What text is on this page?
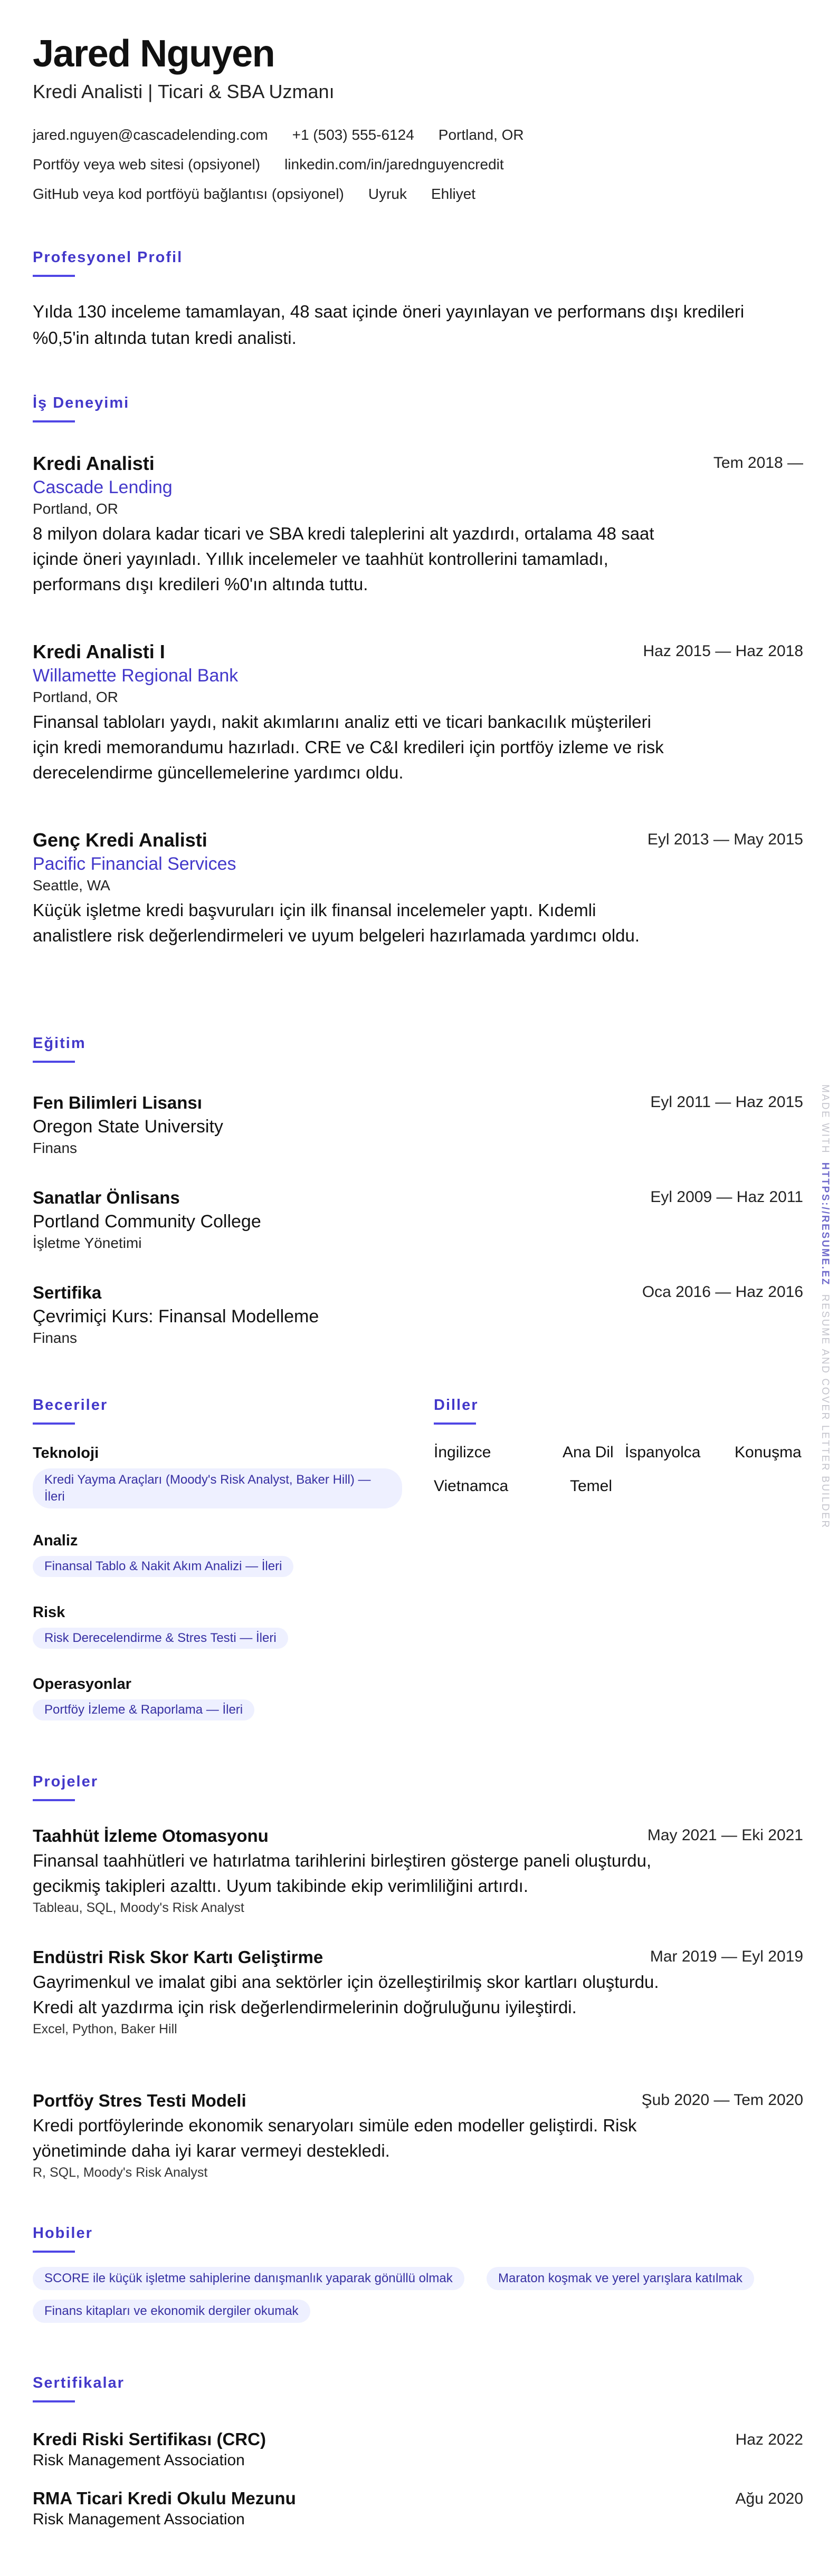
Jared Nguyen
Kredi Analisti | Ticari & SBA Uzmanı
jared.nguyen@cascadelending.com +1 (503) 555-6124 Portland, OR
Portföy veya web sitesi (opsiyonel) linkedin.com/in/jarednguyencredit
GitHub veya kod portföyü bağlantısı (opsiyonel) Uyruk Ehliyet
Profesyonel Profil
Yılda 130 inceleme tamamlayan, 48 saat içinde öneri yayınlayan ve performans dışı kredileri %0,5'in altında tutan kredi analisti.
İş Deneyimi
Kredi Analisti	Tem 2018 —
Cascade Lending
Portland, OR
8 milyon dolara kadar ticari ve SBA kredi taleplerini alt yazdırdı, ortalama 48 saat içinde öneri yayınladı. Yıllık incelemeler ve taahhüt kontrollerini tamamladı, performans dışı kredileri %0'ın altında tuttu.
Kredi Analisti I	Haz 2015 — Haz 2018
Willamette Regional Bank
Portland, OR
Finansal tabloları yaydı, nakit akımlarını analiz etti ve ticari bankacılık müşterileri için kredi memorandumu hazırladı. CRE ve C&I kredileri için portföy izleme ve risk derecelendirme güncellemelerine yardımcı oldu.
Genç Kredi Analisti	Eyl 2013 — May 2015
Pacific Financial Services
Seattle, WA
Küçük işletme kredi başvuruları için ilk finansal incelemeler yaptı. Kıdemli analistlere risk değerlendirmeleri ve uyum belgeleri hazırlamada yardımcı oldu.
Eğitim
Fen Bilimleri Lisansı	Eyl 2011 — Haz 2015
Oregon State University
Finans
Sanatlar Önlisans	Eyl 2009 — Haz 2011
Portland Community College
İşletme Yönetimi
Sertifika	Oca 2016 — Haz 2016
Çevrimiçi Kurs: Finansal Modelleme
Finans
Beceriler
Teknoloji
Kredi Yayma Araçları (Moody's Risk Analyst, Baker Hill) — İleri
Analiz
Finansal Tablo & Nakit Akım Analizi — İleri
Risk
Risk Derecelendirme & Stres Testi — İleri
Operasyonlar
Portföy İzleme & Raporlama — İleri
Diller
İngilizce	Ana Dil İspanyolca Konuşma
Vietnamca	Temel
Projeler
Taahhüt İzleme Otomasyonu	May 2021 — Eki 2021
Finansal taahhütleri ve hatırlatma tarihlerini birleştiren gösterge paneli oluşturdu, gecikmiş takipleri azalttı. Uyum takibinde ekip verimliliğini artırdı.
Tableau, SQL, Moody's Risk Analyst
Endüstri Risk Skor Kartı Geliştirme	Mar 2019 — Eyl 2019
Gayrimenkul ve imalat gibi ana sektörler için özelleştirilmiş skor kartları oluşturdu. Kredi alt yazdırma için risk değerlendirmelerinin doğruluğunu iyileştirdi.
Excel, Python, Baker Hill
Portföy Stres Testi Modeli	Şub 2020 — Tem 2020
Kredi portföylerinde ekonomik senaryoları simüle eden modeller geliştirdi. Risk yönetiminde daha iyi karar vermeyi destekledi.
R, SQL, Moody's Risk Analyst
Hobiler
SCORE ile küçük işletme sahiplerine danışmanlık yaparak gönüllü olmak	Maraton koşmak ve yerel yarışlara katılmak
Finans kitapları ve ekonomik dergiler okumak
Sertifikalar
Kredi Riski Sertifikası (CRC)	Haz 2022
Risk Management Association
RMA Ticari Kredi Okulu Mezunu	Ağu 2020
Risk Management Association
MADE WITH  HTTPS://RESUME.EZ  RESUME AND COVER LETTER BUILDER
